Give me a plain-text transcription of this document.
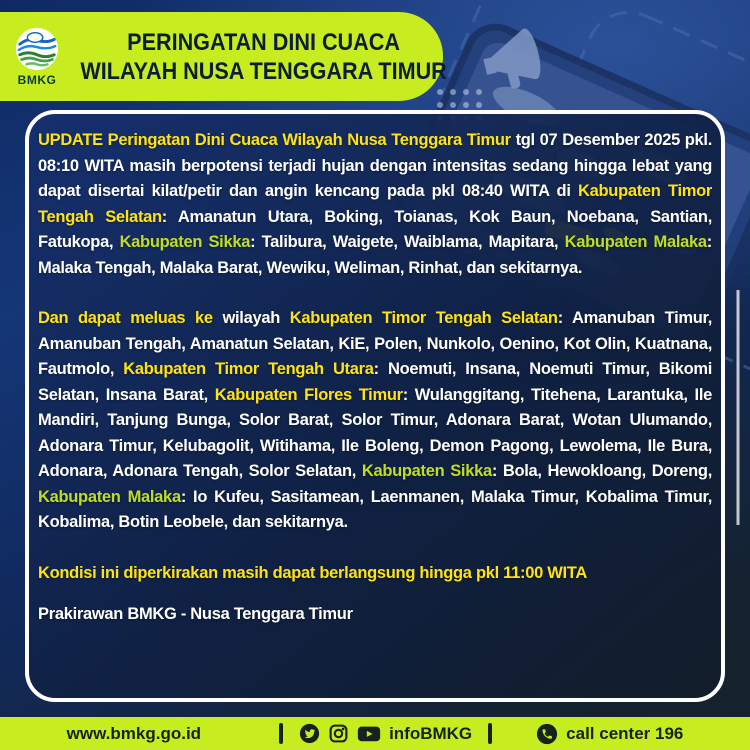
BMKG
PERINGATAN DINI CUACA
WILAYAH NUSA TENGGARA TIMUR

UPDATE Peringatan Dini Cuaca Wilayah Nusa Tenggara Timur tgl 07 Desember 2025 pkl. 08:10 WITA masih berpotensi terjadi hujan dengan intensitas sedang hingga lebat yang dapat disertai kilat/petir dan angin kencang pada pkl 08:40 WITA di Kabupaten Timor Tengah Selatan: Amanatun Utara, Boking, Toianas, Kok Baun, Noebana, Santian, Fatukopa, Kabupaten Sikka: Talibura, Waigete, Waiblama, Mapitara, Kabupaten Malaka: Malaka Tengah, Malaka Barat, Wewiku, Weliman, Rinhat, dan sekitarnya.

Dan dapat meluas ke wilayah Kabupaten Timor Tengah Selatan: Amanuban Timur, Amanuban Tengah, Amanatun Selatan, KiE, Polen, Nunkolo, Oenino, Kot Olin, Kuatnana, Fautmolo, Kabupaten Timor Tengah Utara: Noemuti, Insana, Noemuti Timur, Bikomi Selatan, Insana Barat, Kabupaten Flores Timur: Wulanggitang, Titehena, Larantuka, Ile Mandiri, Tanjung Bunga, Solor Barat, Solor Timur, Adonara Barat, Wotan Ulumando, Adonara Timur, Kelubagolit, Witihama, Ile Boleng, Demon Pagong, Lewolema, Ile Bura, Adonara, Adonara Tengah, Solor Selatan, Kabupaten Sikka: Bola, Hewokloang, Doreng, Kabupaten Malaka: Io Kufeu, Sasitamean, Laenmanen, Malaka Timur, Kobalima Timur, Kobalima, Botin Leobele, dan sekitarnya.

Kondisi ini diperkirakan masih dapat berlangsung hingga pkl 11:00 WITA

Prakirawan BMKG - Nusa Tenggara Timur

www.bmkg.go.id	infoBMKG	call center 196
